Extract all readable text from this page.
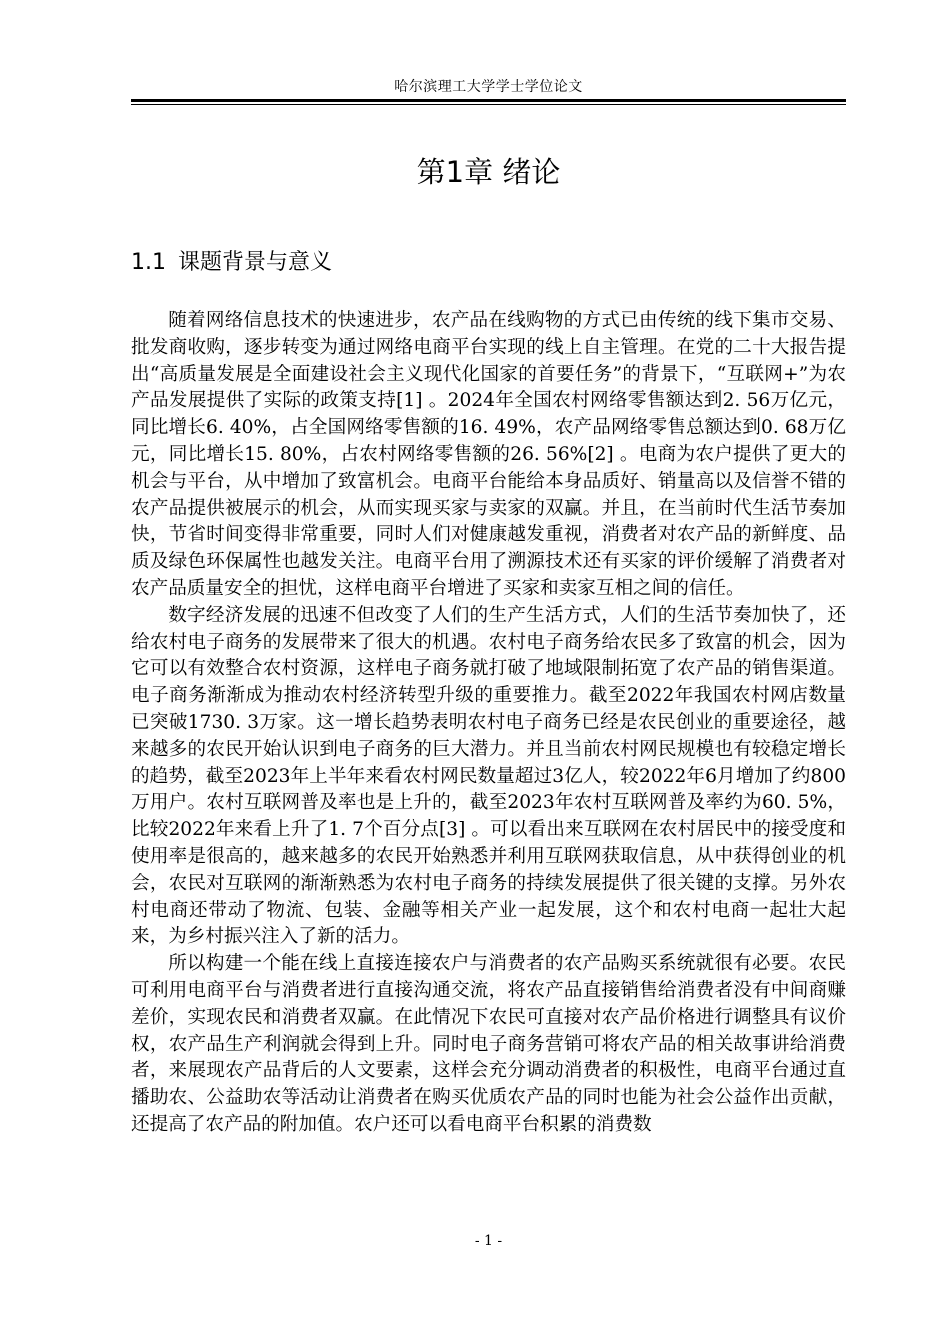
哈尔滨理工大学学士学位论文
第1章 绪论
1.1 课题背景与意义

随着网络信息技术的快速进步，农产品在线购物的方式已由传统的线下集市交易、批发商收购，逐步转变为通过网络电商平台实现的线上自主管理。在党的二十大报告提出“高质量发展是全面建设社会主义现代化国家的首要任务”的背景下，“互联网+”为农产品发展提供了实际的政策支持[1] 。2024年全国农村网络零售额达到2. 56万亿元，同比增长6. 40%，占全国网络零售额的16. 49%，农产品网络零售总额达到0. 68万亿元，同比增长15. 80%，占农村网络零售额的26. 56%[2] 。电商为农户提供了更大的机会与平台，从中增加了致富机会。电商平台能给本身品质好、销量高以及信誉不错的农产品提供被展示的机会，从而实现买家与卖家的双赢。并且，在当前时代生活节奏加快，节省时间变得非常重要，同时人们对健康越发重视，消费者对农产品的新鲜度、品质及绿色环保属性也越发关注。电商平台用了溯源技术还有买家的评价缓解了消费者对农产品质量安全的担忧，这样电商平台增进了买家和卖家互相之间的信任。

数字经济发展的迅速不但改变了人们的生产生活方式，人们的生活节奏加快了，还给农村电子商务的发展带来了很大的机遇。农村电子商务给农民多了致富的机会，因为它可以有效整合农村资源，这样电子商务就打破了地域限制拓宽了农产品的销售渠道。电子商务渐渐成为推动农村经济转型升级的重要推力。截至2022年我国农村网店数量已突破1730. 3万家。这一增长趋势表明农村电子商务已经是农民创业的重要途径，越来越多的农民开始认识到电子商务的巨大潜力。并且当前农村网民规模也有较稳定增长的趋势，截至2023年上半年来看农村网民数量超过3亿人，较2022年6月增加了约800万用户。农村互联网普及率也是上升的，截至2023年农村互联网普及率约为60. 5%，比较2022年来看上升了1. 7个百分点[3] 。可以看出来互联网在农村居民中的接受度和使用率是很高的，越来越多的农民开始熟悉并利用互联网获取信息，从中获得创业的机会，农民对互联网的渐渐熟悉为农村电子商务的持续发展提供了很关键的支撑。另外农村电商还带动了物流、包装、金融等相关产业一起发展，这个和农村电商一起壮大起来，为乡村振兴注入了新的活力。

所以构建一个能在线上直接连接农户与消费者的农产品购买系统就很有必要。农民可利用电商平台与消费者进行直接沟通交流，将农产品直接销售给消费者没有中间商赚差价，实现农民和消费者双赢。在此情况下农民可直接对农产品价格进行调整具有议价权，农产品生产利润就会得到上升。同时电子商务营销可将农产品的相关故事讲给消费者，来展现农产品背后的人文要素，这样会充分调动消费者的积极性，电商平台通过直播助农、公益助农等活动让消费者在购买优质农产品的同时也能为社会公益作出贡献，还提高了农产品的附加值。农户还可以看电商平台积累的消费数

- 1 -
